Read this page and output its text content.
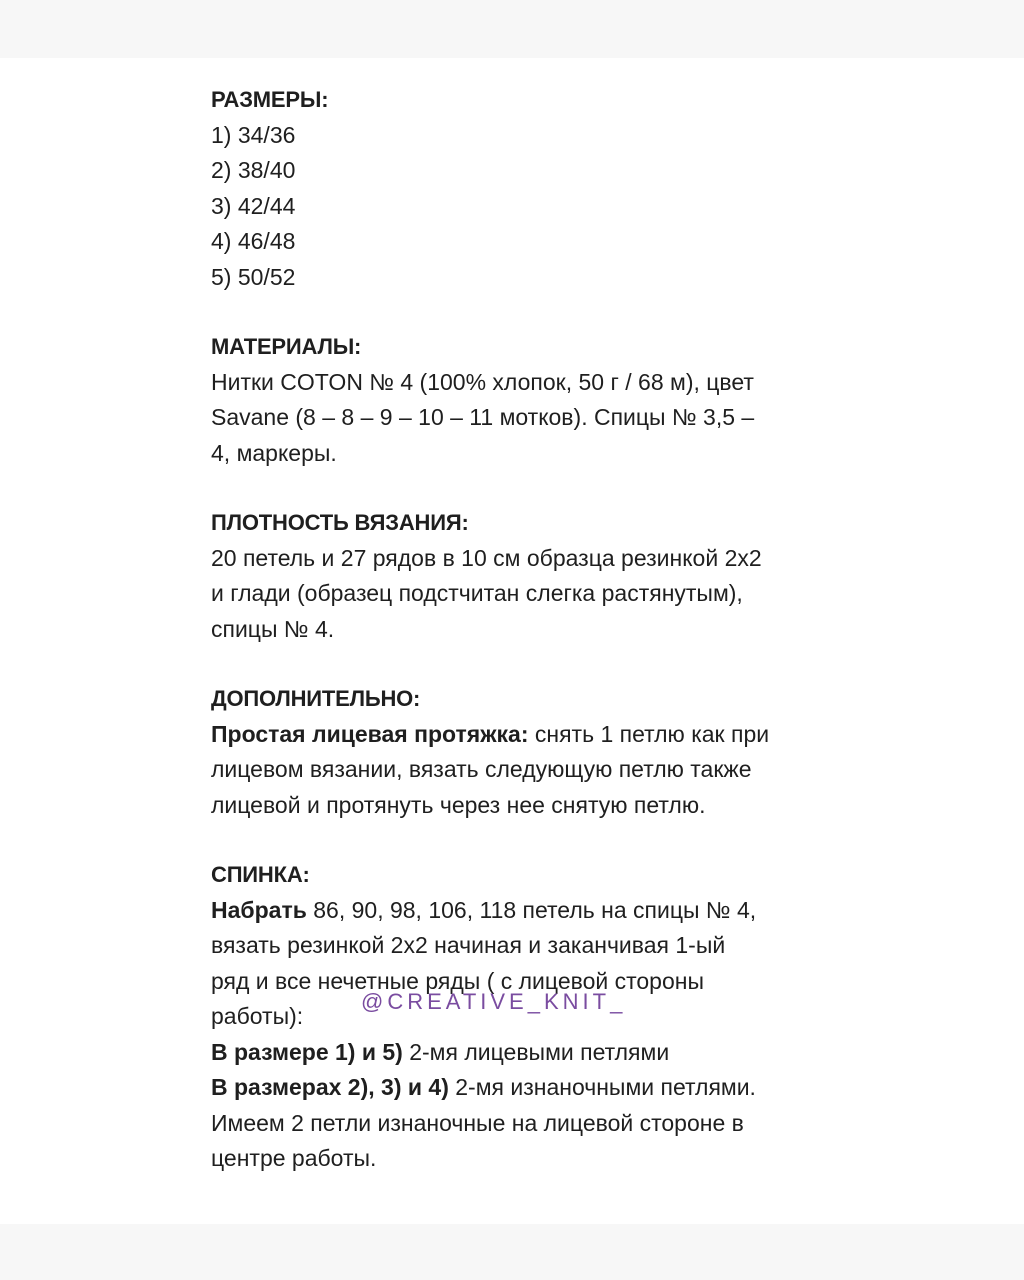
РАЗМЕРЫ:
1) 34/36
2) 38/40
3) 42/44
4) 46/48
5) 50/52
МАТЕРИАЛЫ:
Нитки COTON № 4 (100% хлопок, 50 г / 68 м), цвет
Savane (8 – 8 – 9 – 10 – 11 мотков). Спицы № 3,5 –
4, маркеры.
ПЛОТНОСТЬ ВЯЗАНИЯ:
20 петель и 27 рядов в 10 см образца резинкой 2х2
и глади (образец подстчитан слегка растянутым),
спицы № 4.
ДОПОЛНИТЕЛЬНО:
Простая лицевая протяжка: снять 1 петлю как при
лицевом вязании, вязать следующую петлю также
лицевой и протянуть через нее снятую петлю.
СПИНКА:
Набрать 86, 90, 98, 106, 118 петель на спицы № 4,
вязать резинкой 2х2 начиная и заканчивая 1-ый
ряд и все нечетные ряды ( с лицевой стороны
работы):
В размере 1) и 5) 2-мя лицевыми петлями
В размерах 2), 3) и 4) 2-мя изнаночными петлями.
Имеем 2 петли изнаночные на лицевой стороне в
центре работы.
@CREATIVE_KNIT_
